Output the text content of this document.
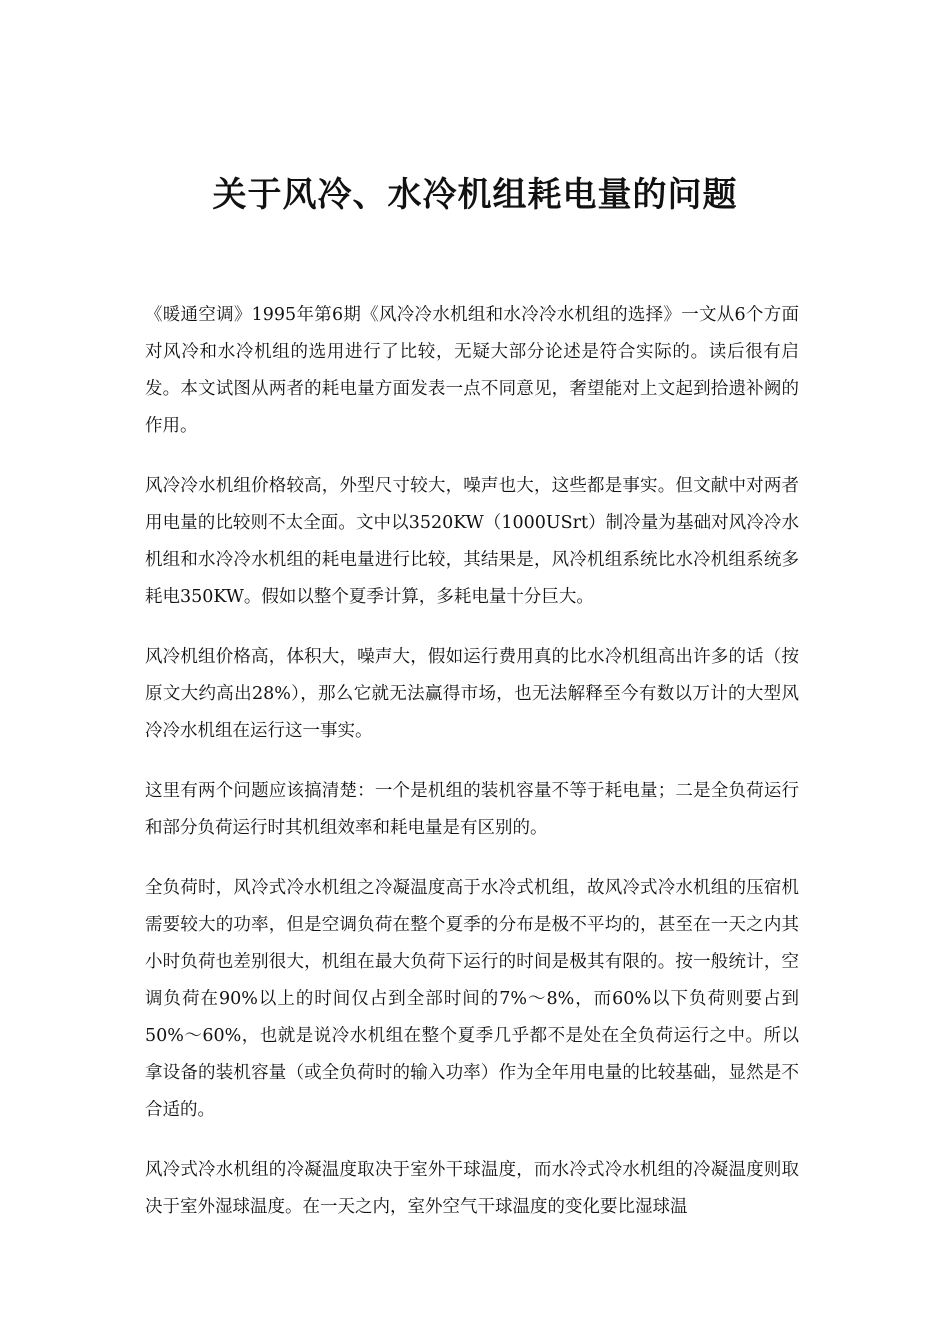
关于风冷、水冷机组耗电量的问题

《暖通空调》1995年第6期《风冷冷水机组和水冷冷水机组的选择》一文从6个方面对风冷和水冷机组的选用进行了比较，无疑大部分论述是符合实际的。读后很有启发。本文试图从两者的耗电量方面发表一点不同意见，奢望能对上文起到拾遗补阙的作用。

风冷冷水机组价格较高，外型尺寸较大，噪声也大，这些都是事实。但文献中对两者用电量的比较则不太全面。文中以3520KW（1000USrt）制冷量为基础对风冷冷水机组和水冷冷水机组的耗电量进行比较，其结果是，风冷机组系统比水冷机组系统多耗电350KW。假如以整个夏季计算，多耗电量十分巨大。

风冷机组价格高，体积大，噪声大，假如运行费用真的比水冷机组高出许多的话（按原文大约高出28%），那么它就无法赢得市场，也无法解释至今有数以万计的大型风冷冷水机组在运行这一事实。

这里有两个问题应该搞清楚：一个是机组的装机容量不等于耗电量；二是全负荷运行和部分负荷运行时其机组效率和耗电量是有区别的。

全负荷时，风冷式冷水机组之冷凝温度高于水冷式机组，故风冷式冷水机组的压宿机需要较大的功率，但是空调负荷在整个夏季的分布是极不平均的，甚至在一天之内其小时负荷也差别很大，机组在最大负荷下运行的时间是极其有限的。按一般统计，空调负荷在90%以上的时间仅占到全部时间的7%～8%，而60%以下负荷则要占到50%～60%，也就是说冷水机组在整个夏季几乎都不是处在全负荷运行之中。所以拿设备的装机容量（或全负荷时的输入功率）作为全年用电量的比较基础，显然是不合适的。

风冷式冷水机组的冷凝温度取决于室外干球温度，而水冷式冷水机组的冷凝温度则取决于室外湿球温度。在一天之内，室外空气干球温度的变化要比湿球温
